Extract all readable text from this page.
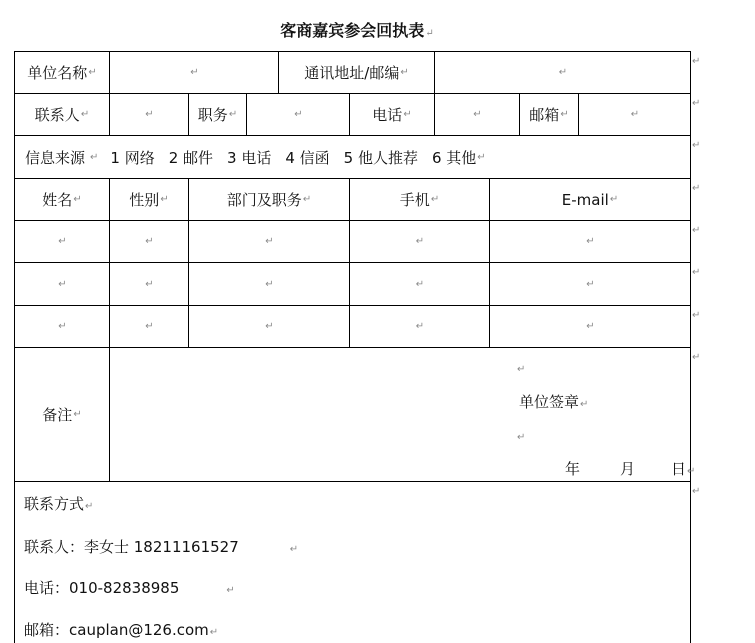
客商嘉宾参会回执表↵
单位名称 ↵	↵	通讯地址/邮编 ↵	↵
联系人 ↵	↵	职务 ↵	↵	电话 ↵	↵	邮箱 ↵	↵
信息来源 ↵ 1 网络 2 邮件 3 电话 4 信函 5 他人推荐 6 其他 ↵
姓名 ↵	性别 ↵	部门及职务 ↵	手机 ↵	E-mail ↵
↵	↵	↵	↵	↵
↵	↵	↵	↵	↵
↵	↵	↵	↵	↵
备注 ↵
↵
单位签章↵
↵
年	月 日↵
↵
↵
↵
↵
↵
↵
↵
↵
↵
联系方式↵
联系人：李女士 18211161527	↵
电话：010-82838985	↵
邮箱：cauplan@126.com↵
